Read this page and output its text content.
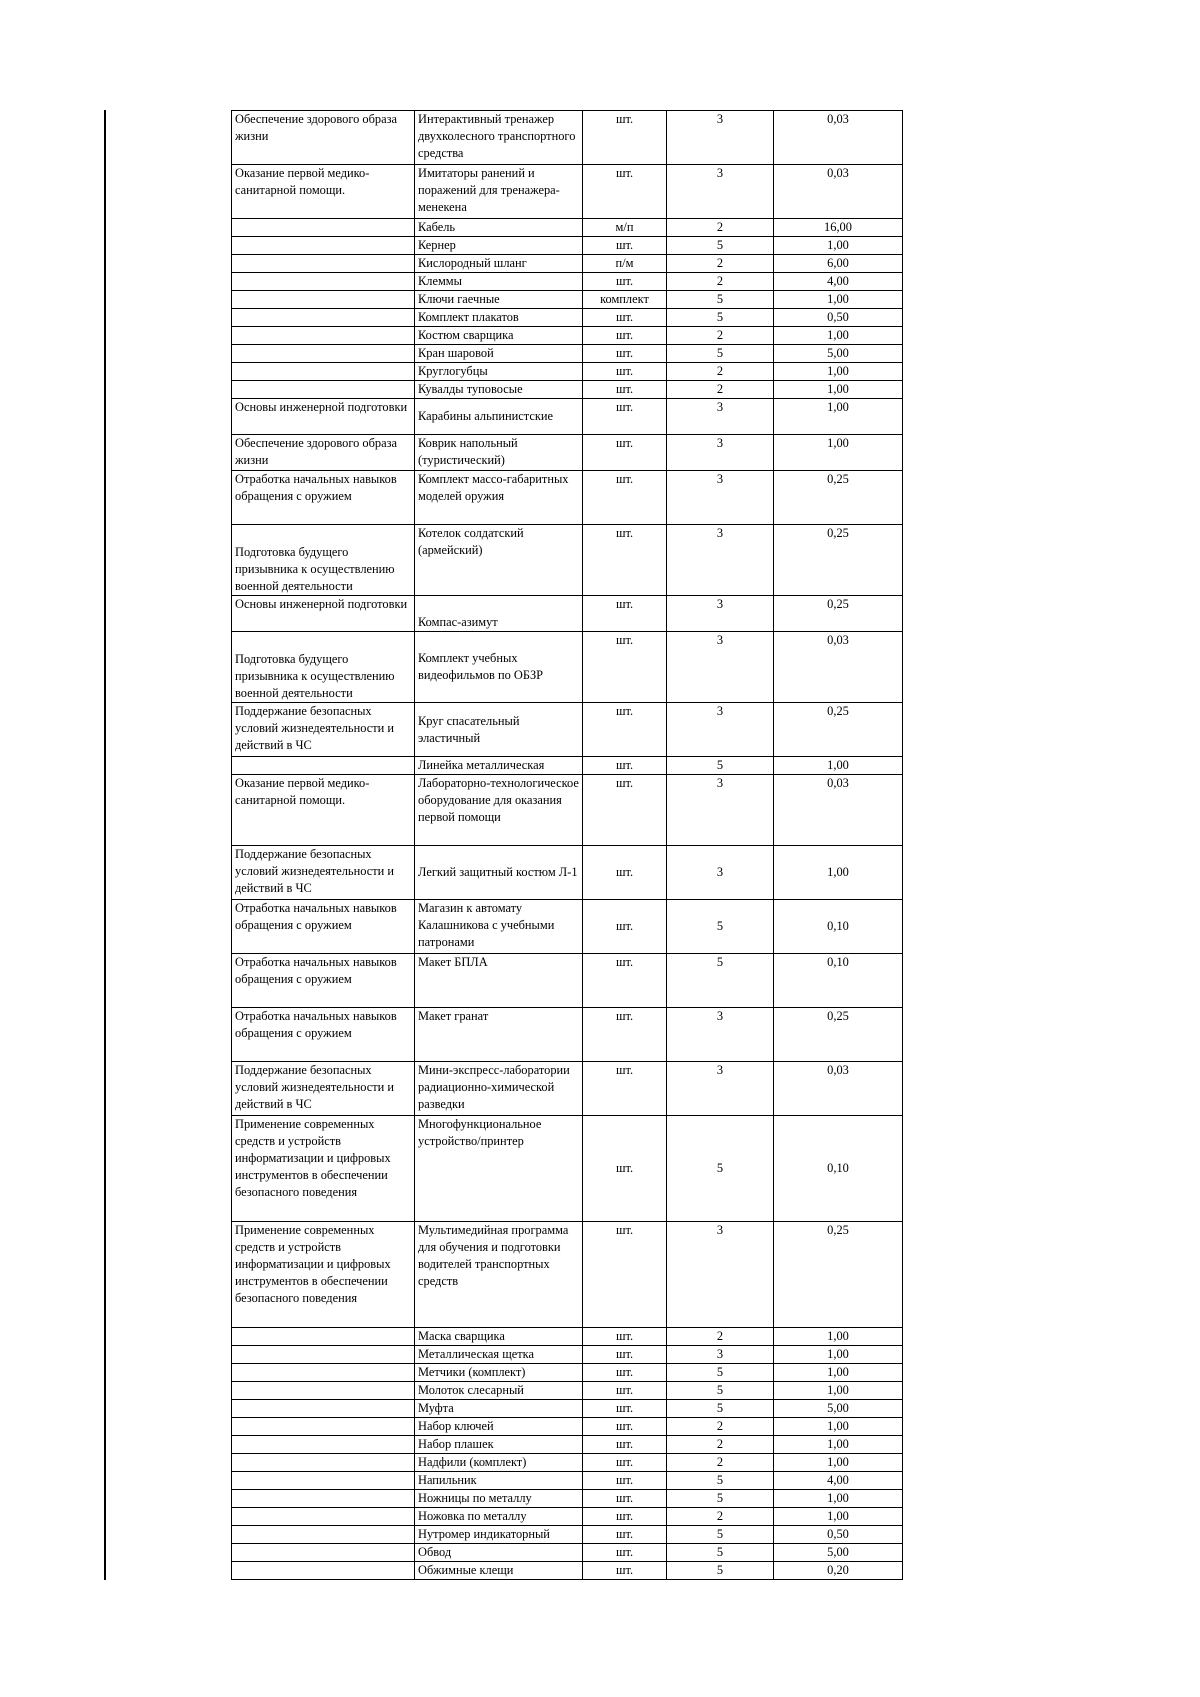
Обеспечение здорового образа жизни	Интерактивный тренажер двухколесного транспортного средства	шт.	3	0,03
Оказание первой медико-санитарной помощи.	Имитаторы ранений и поражений для тренажера-менекена	шт.	3	0,03
	Кабель	м/п	2	16,00
	Кернер	шт.	5	1,00
	Кислородный шланг	п/м	2	6,00
	Клеммы	шт.	2	4,00
	Ключи гаечные	комплект	5	1,00
	Комплект плакатов	шт.	5	0,50
	Костюм сварщика	шт.	2	1,00
	Кран шаровой	шт.	5	5,00
	Круглогубцы	шт.	2	1,00
	Кувалды туповосые	шт.	2	1,00
Основы инженерной подготовки	Карабины альпинистские	шт.	3	1,00
Обеспечение здорового образа жизни	Коврик напольный (туристический)	шт.	3	1,00
Отработка начальных навыков обращения с оружием	Комплект массо-габаритных моделей оружия	шт.	3	0,25
Подготовка будущего призывника к осуществлению военной деятельности	Котелок солдатский (армейский)	шт.	3	0,25
Основы инженерной подготовки	Компас-азимут	шт.	3	0,25
Подготовка будущего призывника к осуществлению военной деятельности	Комплект учебных видеофильмов по ОБЗР	шт.	3	0,03
Поддержание безопасных условий жизнедеятельности и действий в ЧС	Круг спасательный эластичный	шт.	3	0,25
	Линейка металлическая	шт.	5	1,00
Оказание первой медико-санитарной помощи.	Лабораторно-технологическое оборудование для оказания первой помощи	шт.	3	0,03
Поддержание безопасных условий жизнедеятельности и действий в ЧС	Легкий защитный костюм Л-1	шт.	3	1,00
Отработка начальных навыков обращения с оружием	Магазин к автомату Калашникова с учебными патронами	шт.	5	0,10
Отработка начальных навыков обращения с оружием	Макет БПЛА	шт.	5	0,10
Отработка начальных навыков обращения с оружием	Макет гранат	шт.	3	0,25
Поддержание безопасных условий жизнедеятельности и действий в ЧС	Мини-экспресс-лаборатории радиационно-химической разведки	шт.	3	0,03
Применение современных средств и устройств информатизации и цифровых инструментов в обеспечении безопасного поведения	Многофункциональное устройство/принтер	шт.	5	0,10
Применение современных средств и устройств информатизации и цифровых инструментов в обеспечении безопасного поведения	Мультимедийная программа для обучения и подготовки водителей транспортных средств	шт.	3	0,25
	Маска сварщика	шт.	2	1,00
	Металлическая щетка	шт.	3	1,00
	Метчики (комплект)	шт.	5	1,00
	Молоток слесарный	шт.	5	1,00
	Муфта	шт.	5	5,00
	Набор ключей	шт.	2	1,00
	Набор плашек	шт.	2	1,00
	Надфили (комплект)	шт.	2	1,00
	Напильник	шт.	5	4,00
	Ножницы по металлу	шт.	5	1,00
	Ножовка по металлу	шт.	2	1,00
	Нутромер индикаторный	шт.	5	0,50
	Обвод	шт.	5	5,00
	Обжимные клещи	шт.	5	0,20
